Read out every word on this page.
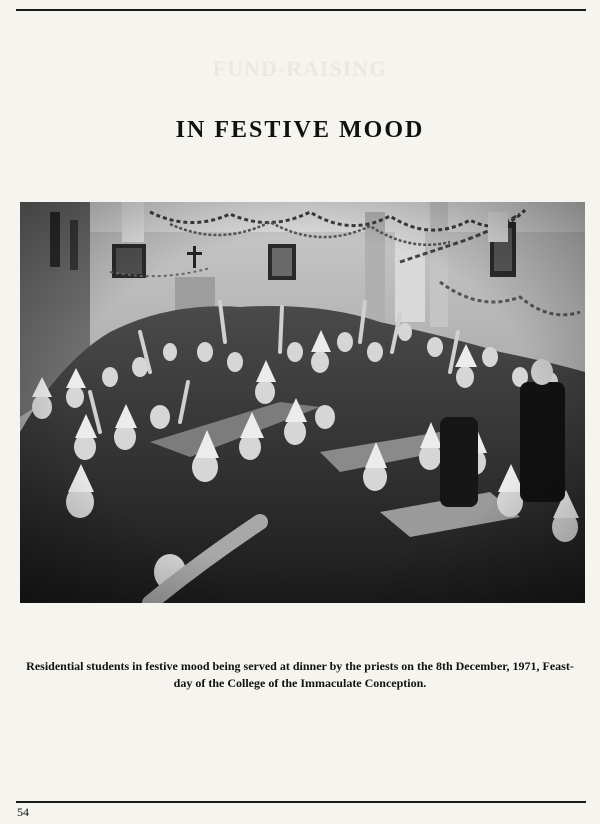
FUND-RAISING
IN FESTIVE MOOD
Residential students in festive mood being served at dinner by the priests on the 8th December, 1971, Feast-
day of the College of the Immaculate Conception.
54
